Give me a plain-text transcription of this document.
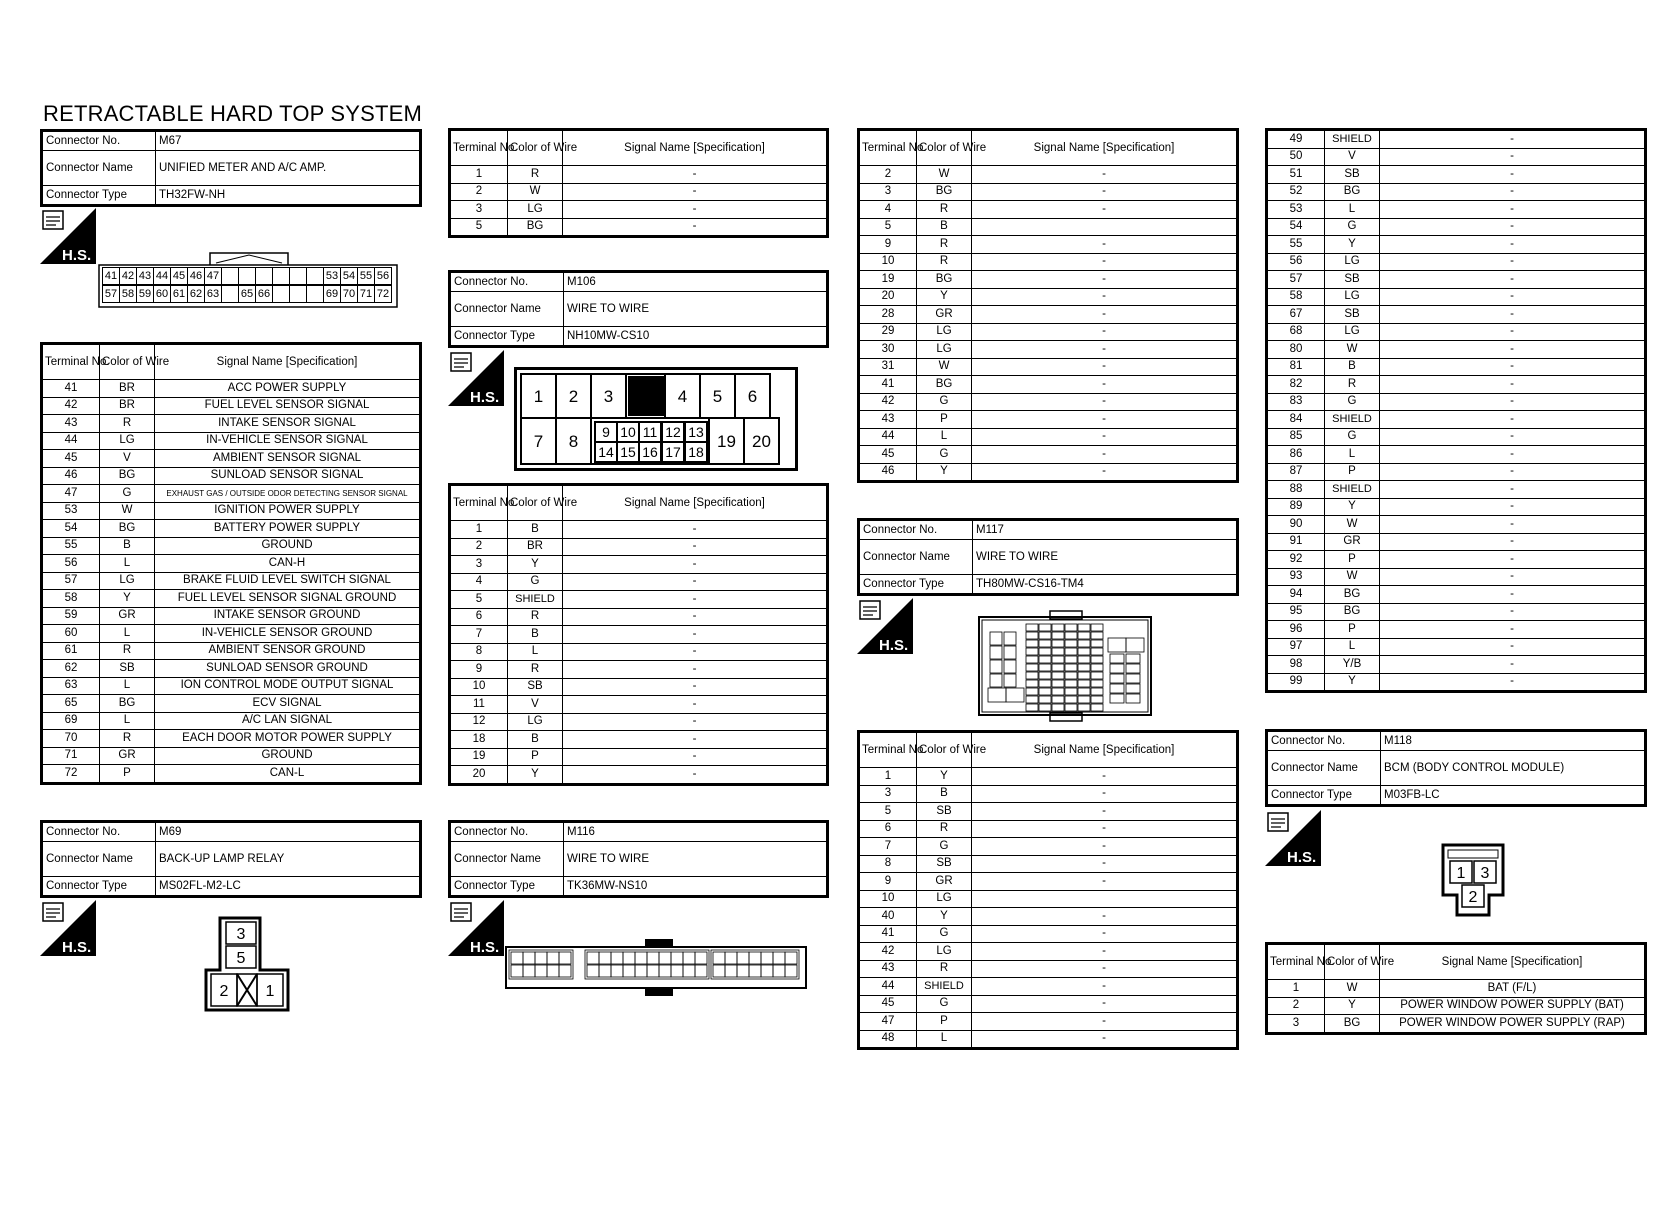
RETRACTABLE HARD TOP SYSTEM
Connector No.	M67
Connector Name	UNIFIED METER AND A/C AMP.
Connector Type	TH32FW-NH
H.S.
41 42 43 44 45 46 47	53 54 55 56
57 58 59 60 61 62 63 65 66	69 70 71 72
Terminal No.	Color of Wire	Signal Name [Specification]
41	BR	ACC POWER SUPPLY
42	BR	FUEL LEVEL SENSOR SIGNAL
43	R	INTAKE SENSOR SIGNAL
44	LG	IN-VEHICLE SENSOR SIGNAL
45	V	AMBIENT SENSOR SIGNAL
46	BG	SUNLOAD SENSOR SIGNAL
47	G	EXHAUST GAS / OUTSIDE ODOR DETECTING SENSOR SIGNAL
53	W	IGNITION POWER SUPPLY
54	BG	BATTERY POWER SUPPLY
55	B	GROUND
56	L	CAN-H
57	LG	BRAKE FLUID LEVEL SWITCH SIGNAL
58	Y	FUEL LEVEL SENSOR SIGNAL GROUND
59	GR	INTAKE SENSOR GROUND
60	L	IN-VEHICLE SENSOR GROUND
61	R	AMBIENT SENSOR GROUND
62	SB	SUNLOAD SENSOR GROUND
63	L	ION CONTROL MODE OUTPUT SIGNAL
65	BG	ECV SIGNAL
69	L	A/C LAN SIGNAL
70	R	EACH DOOR MOTOR POWER SUPPLY
71	GR	GROUND
72	P	CAN-L
Connector No.	M69
Connector Name	BACK-UP LAMP RELAY
Connector Type	MS02FL-M2-LC
H.S.
3
5
2 1
Terminal No.	Color of Wire	Signal Name [Specification]
1	R	-
2	W	-
3	LG	-
5	BG	-
Connector No.	M106
Connector Name	WIRE TO WIRE
Connector Type	NH10MW-CS10
H.S. 1 2 3	4 5 6
7 8
9 10 11 12 13
14 15 16 17 18
19 20
Terminal No.	Color of Wire	Signal Name [Specification]
1	B	-
2	BR	-
3	Y	-
4	G	-
5	SHIELD	-
6	R	-
7	B	-
8	L	-
9	R	-
10	SB	-
11	V	-
12	LG	-
18	B	-
19	P	-
20	Y	-
Connector No.	M116
Connector Name	WIRE TO WIRE
Connector Type	TK36MW-NS10
H.S.
Terminal No.	Color of Wire	Signal Name [Specification]
2	W	-
3	BG	-
4	R	-
5	B	
9	R	-
10	R	-
19	BG	-
20	Y	-
28	GR	-
29	LG	-
30	LG	-
31	W	-
41	BG	-
42	G	-
43	P	-
44	L	-
45	G	-
46	Y	-
Connector No.	M117
Connector Name	WIRE TO WIRE
Connector Type	TH80MW-CS16-TM4
H.S.
Terminal No.	Color of Wire	Signal Name [Specification]
1	Y	-
3	B	-
5	SB	-
6	R	-
7	G	-
8	SB	-
9	GR	-
10	LG	
40	Y	-
41	G	-
42	LG	-
43	R	-
44	SHIELD	-
45	G	-
47	P	-
48	L	-
49	SHIELD	-
50	V	-
51	SB	-
52	BG	-
53	L	-
54	G	-
55	Y	-
56	LG	-
57	SB	-
58	LG	-
67	SB	-
68	LG	-
80	W	-
81	B	-
82	R	-
83	G	-
84	SHIELD	-
85	G	-
86	L	-
87	P	-
88	SHIELD	-
89	Y	-
90	W	-
91	GR	-
92	P	-
93	W	-
94	BG	-
95	BG	-
96	P	-
97	L	-
98	Y/B	-
99	Y	-
Connector No.	M118
Connector Name	BCM (BODY CONTROL MODULE)
Connector Type	M03FB-LC
H.S.
1 3
2
Terminal No.	Color of Wire	Signal Name [Specification]
1	W	BAT (F/L)
2	Y	POWER WINDOW POWER SUPPLY (BAT)
3	BG	POWER WINDOW POWER SUPPLY (RAP)
